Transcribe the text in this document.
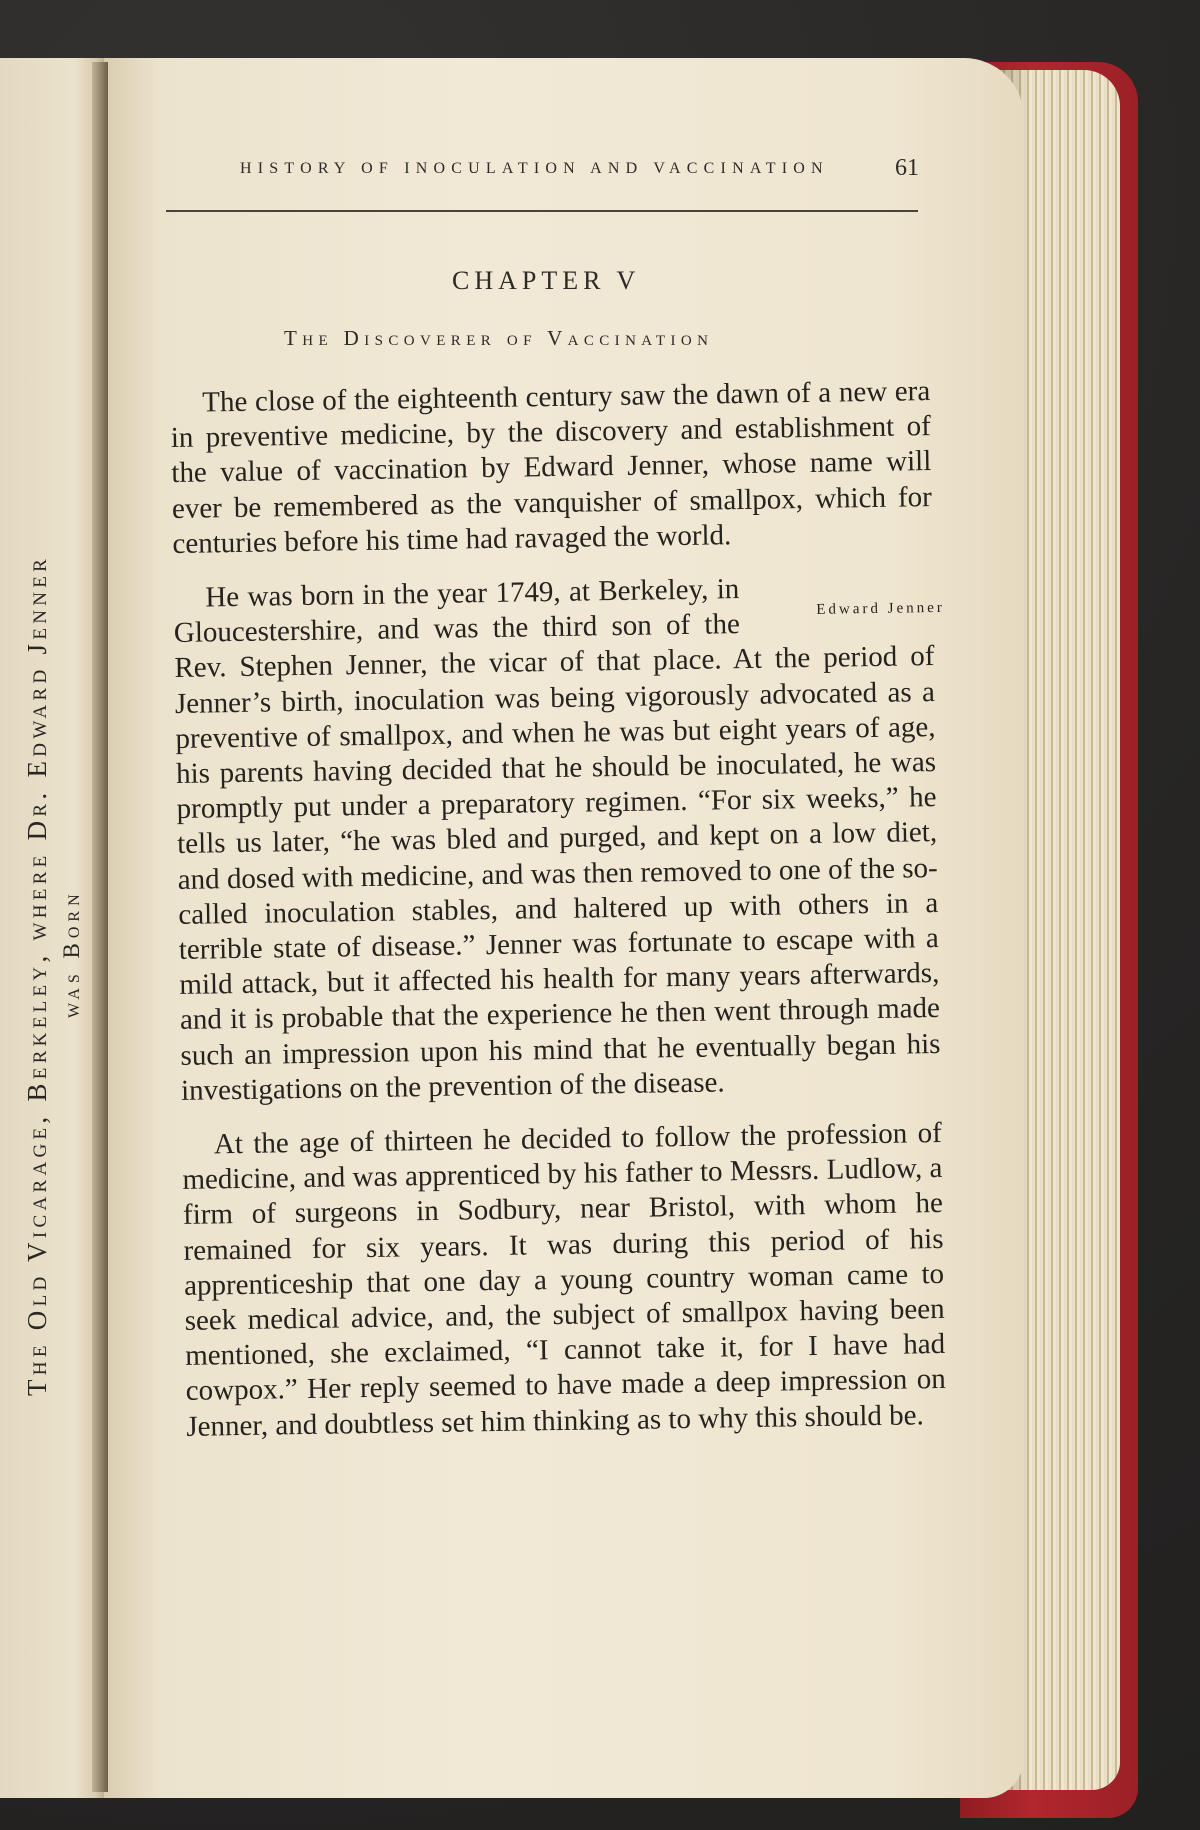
The Old Vicarage, Berkeley, where Dr. Edward Jenner was Born
HISTORY OF INOCULATION AND VACCINATION	61
CHAPTER V
The Discoverer of Vaccination

The close of the eighteenth century saw the dawn of a new era in preventive medicine, by the discovery and establishment of the value of vaccination by Edward Jenner, whose name will ever be remembered as the vanquisher of smallpox, which for centuries before his time had ravaged the world.

Edward Jenner
He was born in the year 1749, at Berkeley, in Gloucestershire, and was the third son of the Rev. Stephen Jenner, the vicar of that place. At the period of Jenner’s birth, inoculation was being vigorously advocated as a preventive of smallpox, and when he was but eight years of age, his parents having decided that he should be inoculated, he was promptly put under a preparatory regimen. “For six weeks,” he tells us later, “he was bled and purged, and kept on a low diet, and dosed with medicine, and was then removed to one of the so-called inoculation stables, and haltered up with others in a terrible state of disease.” Jenner was fortunate to escape with a mild attack, but it affected his health for many years afterwards, and it is probable that the experience he then went through made such an impression upon his mind that he eventually began his investigations on the prevention of the disease.

At the age of thirteen he decided to follow the profession of medicine, and was apprenticed by his father to Messrs. Ludlow, a firm of surgeons in Sodbury, near Bristol, with whom he remained for six years. It was during this period of his apprenticeship that one day a young country woman came to seek medical advice, and, the subject of smallpox having been mentioned, she exclaimed, “I cannot take it, for I have had cowpox.” Her reply seemed to have made a deep impression on Jenner, and doubtless set him thinking as to why this should be.
